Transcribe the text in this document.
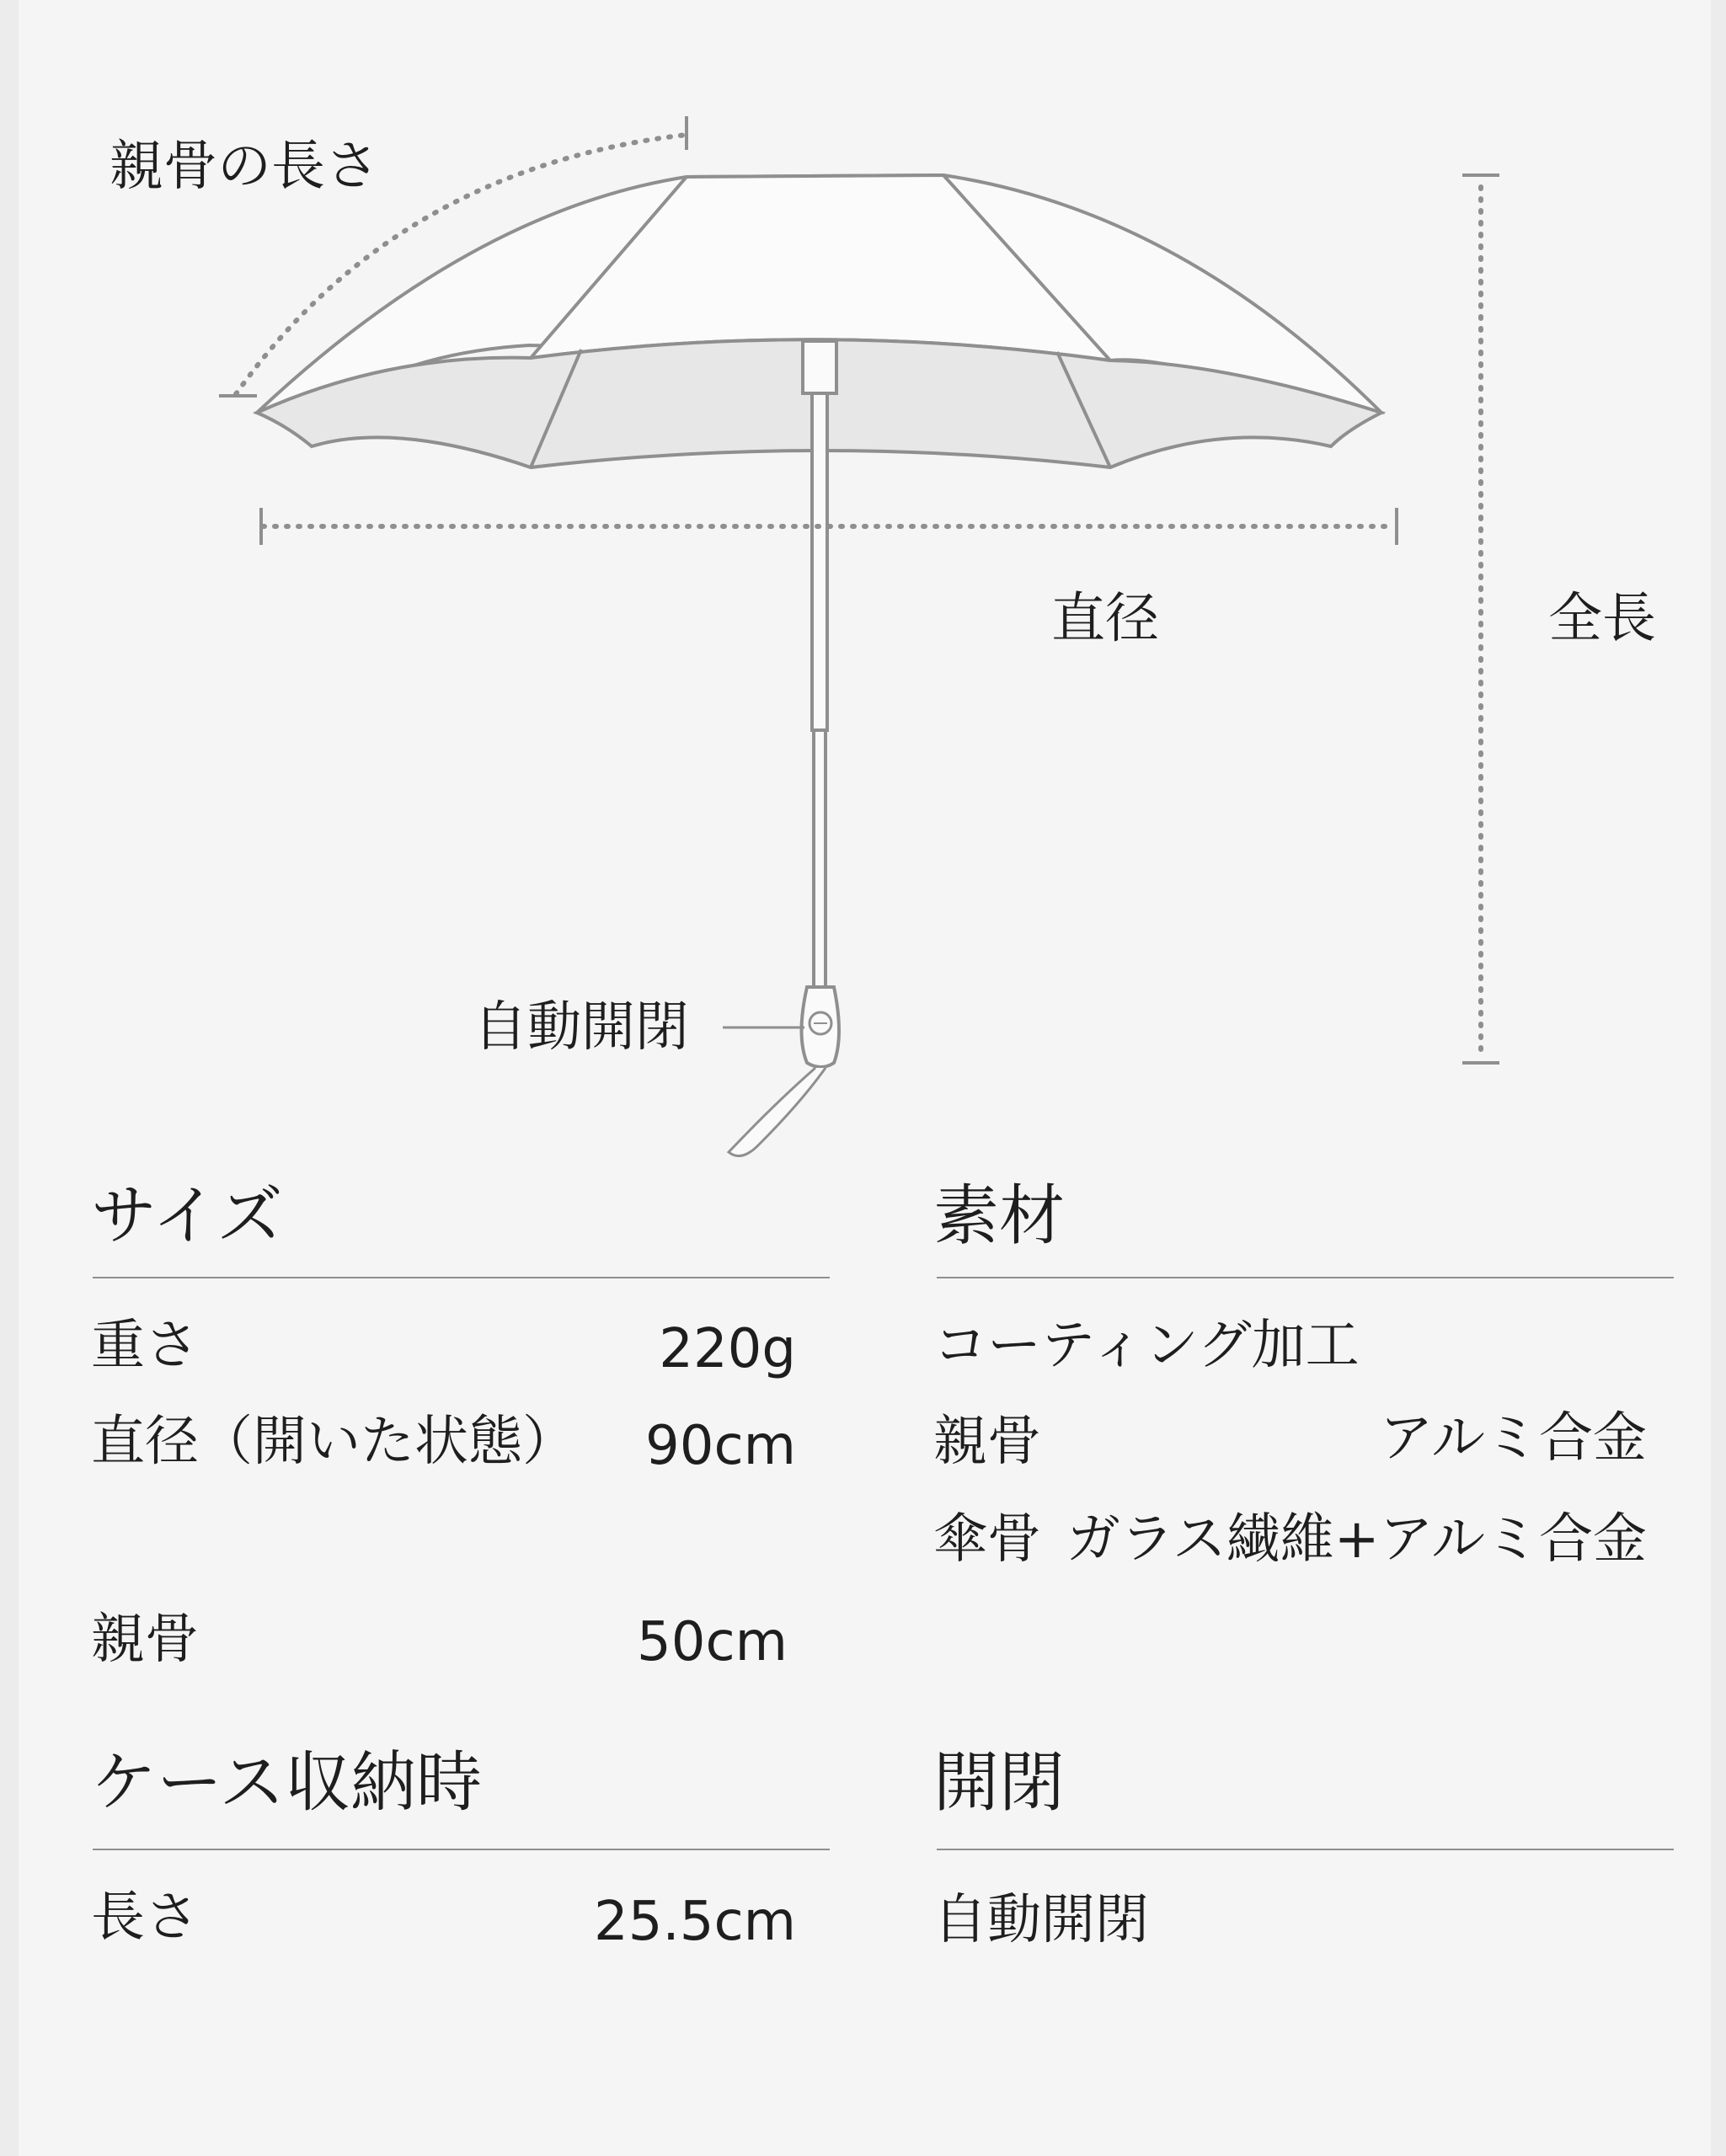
親骨の長さ
直径	全長
自動開閉
サイズ
重さ	220g
直径（開いた状態）	90cm
親骨	50cm
素材
コーティング加工
親骨	アルミ合金
傘骨 ガラス繊維+アルミ合金
ケース収納時
長さ	25.5cm
開閉
自動開閉
